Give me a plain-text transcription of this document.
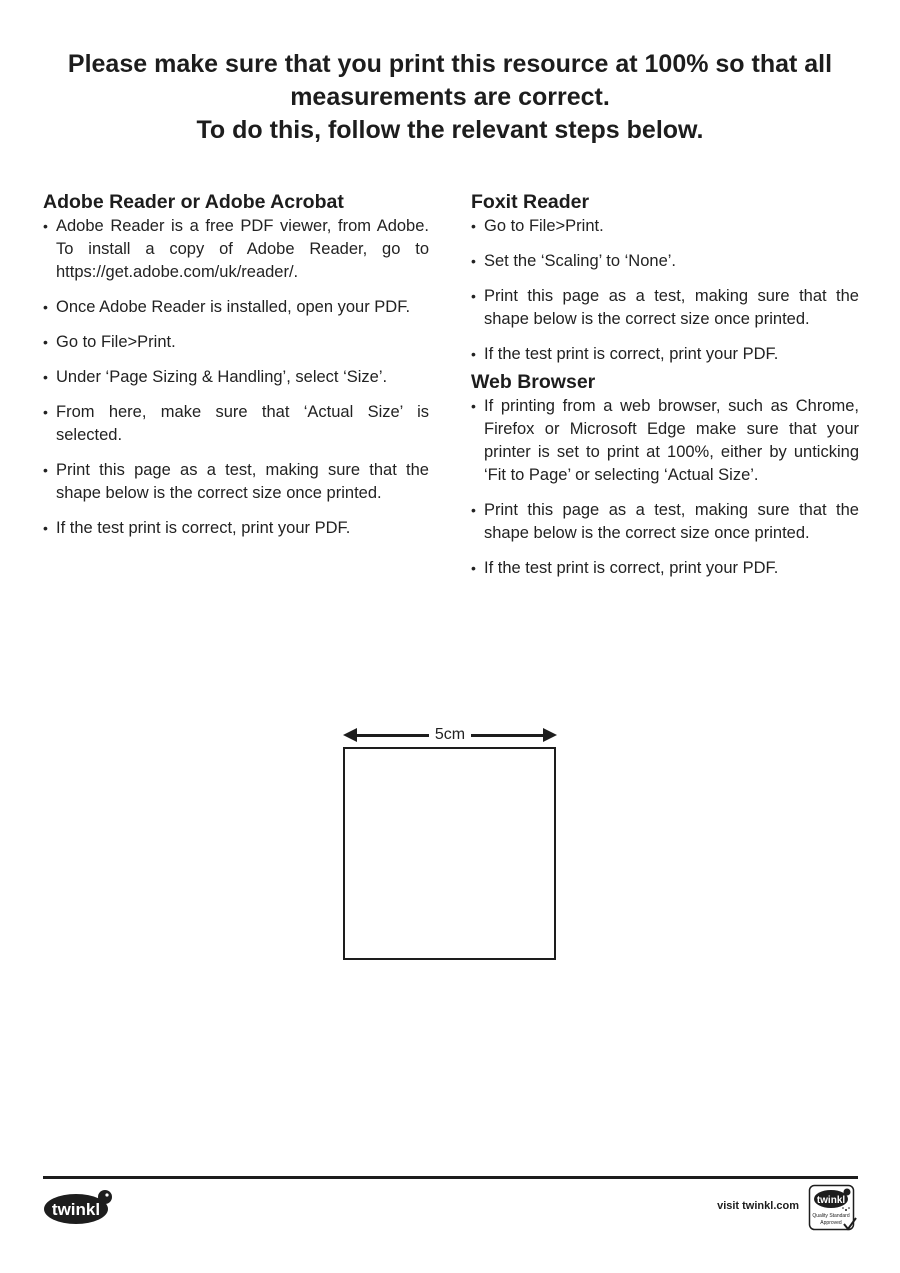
Please make sure that you print this resource at 100% so that all
measurements are correct.
To do this, follow the relevant steps below.
Adobe Reader or Adobe Acrobat
• Adobe Reader is a free PDF viewer, from Adobe. To install a copy of Adobe Reader, go to https://get.adobe.com/uk/reader/.
• Once Adobe Reader is installed, open your PDF.
• Go to File>Print.
• Under ‘Page Sizing & Handling’, select ‘Size’.
• From here, make sure that ‘Actual Size’ is selected.
• Print this page as a test, making sure that the shape below is the correct size once printed.
• If the test print is correct, print your PDF.
Foxit Reader
• Go to File>Print.
• Set the ‘Scaling’ to ‘None’.
• Print this page as a test, making sure that the shape below is the correct size once printed.
• If the test print is correct, print your PDF.
Web Browser
• If printing from a web browser, such as Chrome, Firefox or Microsoft Edge make sure that your printer is set to print at 100%, either by unticking ‘Fit to Page’ or selecting ‘Actual Size’.
• Print this page as a test, making sure that the shape below is the correct size once printed.
• If the test print is correct, print your PDF.
5cm
twinkl	visit twinkl.com twinkl
Quality Standard
Approved
